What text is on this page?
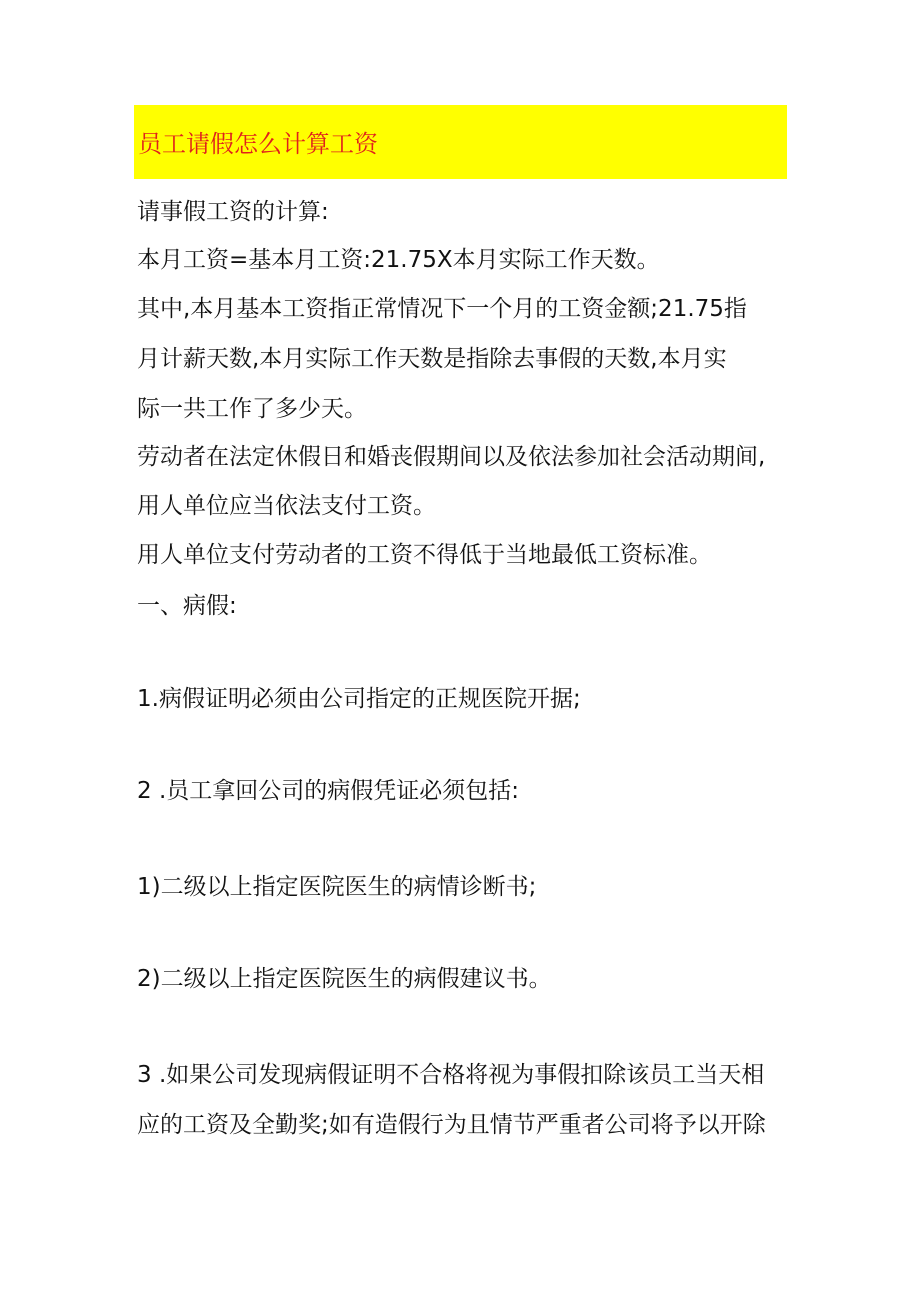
员工请假怎么计算工资
请事假工资的计算:
本月工资=基本月工资:21.75X本月实际工作天数。
其中,本月基本工资指正常情况下一个月的工资金额;21.75指
月计薪天数,本月实际工作天数是指除去事假的天数,本月实
际一共工作了多少天。
劳动者在法定休假日和婚丧假期间以及依法参加社会活动期间,
用人单位应当依法支付工资。
用人单位支付劳动者的工资不得低于当地最低工资标准。
一、病假:
1.病假证明必须由公司指定的正规医院开据;
2 .员工拿回公司的病假凭证必须包括:
1)二级以上指定医院医生的病情诊断书;
2)二级以上指定医院医生的病假建议书。
3 .如果公司发现病假证明不合格将视为事假扣除该员工当天相
应的工资及全勤奖;如有造假行为且情节严重者公司将予以开除
